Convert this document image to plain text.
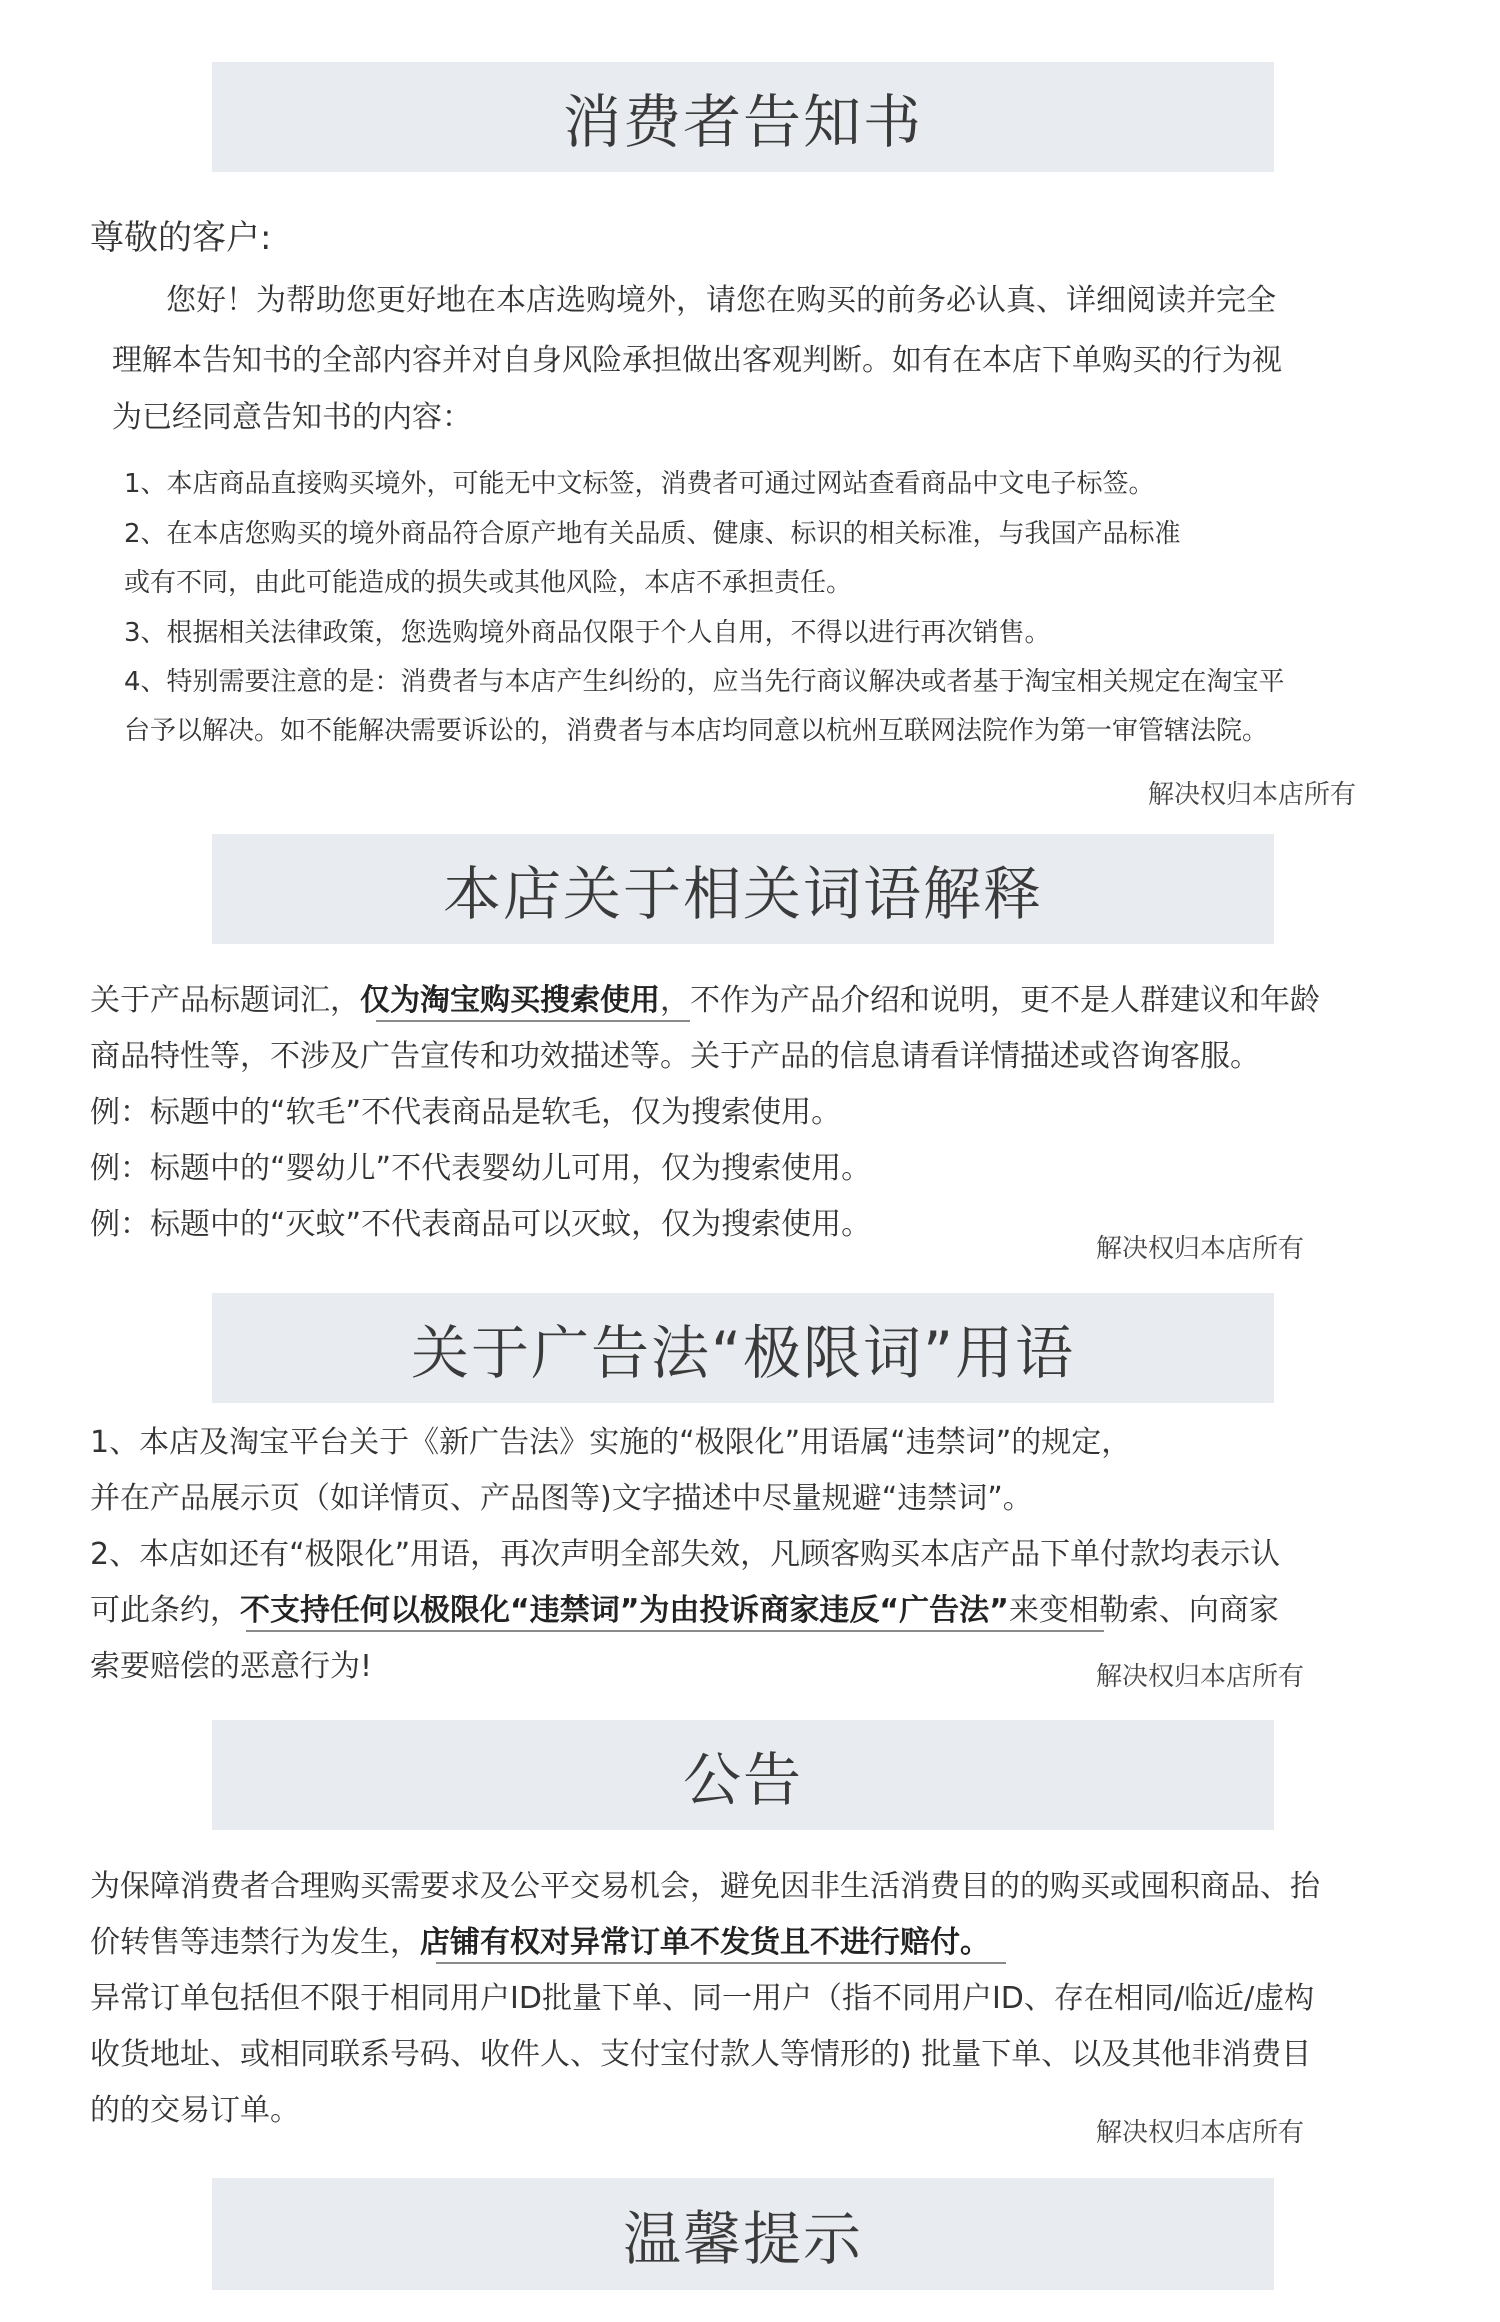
消费者告知书
尊敬的客户:
您好！为帮助您更好地在本店选购境外，请您在购买的前务必认真、详细阅读并完全
理解本告知书的全部内容并对自身风险承担做出客观判断。如有在本店下单购买的行为视
为已经同意告知书的内容：
1、本店商品直接购买境外，可能无中文标签，消费者可通过网站查看商品中文电子标签。
2、在本店您购买的境外商品符合原产地有关品质、健康、标识的相关标准，与我国产品标准
或有不同，由此可能造成的损失或其他风险，本店不承担责任。
3、根据相关法律政策，您选购境外商品仅限于个人自用，不得以进行再次销售。
4、特别需要注意的是：消费者与本店产生纠纷的，应当先行商议解决或者基于淘宝相关规定在淘宝平
台予以解决。如不能解决需要诉讼的，消费者与本店均同意以杭州互联网法院作为第一审管辖法院。
解决权归本店所有
本店关于相关词语解释
关于产品标题词汇，仅为淘宝购买搜索使用，不作为产品介绍和说明，更不是人群建议和年龄
商品特性等，不涉及广告宣传和功效描述等。关于产品的信息请看详情描述或咨询客服。
例：标题中的“软毛”不代表商品是软毛，仅为搜索使用。
例：标题中的“婴幼儿”不代表婴幼儿可用，仅为搜索使用。
例：标题中的“灭蚊”不代表商品可以灭蚊，仅为搜索使用。
解决权归本店所有
关于广告法“极限词”用语
1、本店及淘宝平台关于《新广告法》实施的“极限化”用语属“违禁词”的规定，
并在产品展示页（如详情页、产品图等)文字描述中尽量规避“违禁词”。
2、本店如还有“极限化”用语，再次声明全部失效，凡顾客购买本店产品下单付款均表示认
可此条约，不支持任何以极限化“违禁词”为由投诉商家违反“广告法”来变相勒索、向商家
索要赔偿的恶意行为!	解决权归本店所有
公告
为保障消费者合理购买需要求及公平交易机会，避免因非生活消费目的的购买或囤积商品、抬
价转售等违禁行为发生，店铺有权对异常订单不发货且不进行赔付。
异常订单包括但不限于相同用户ID批量下单、同一用户（指不同用户ID、存在相同/临近/虚构
收货地址、或相同联系号码、收件人、支付宝付款人等情形的) 批量下单、以及其他非消费目
的的交易订单。
解决权归本店所有
温馨提示
